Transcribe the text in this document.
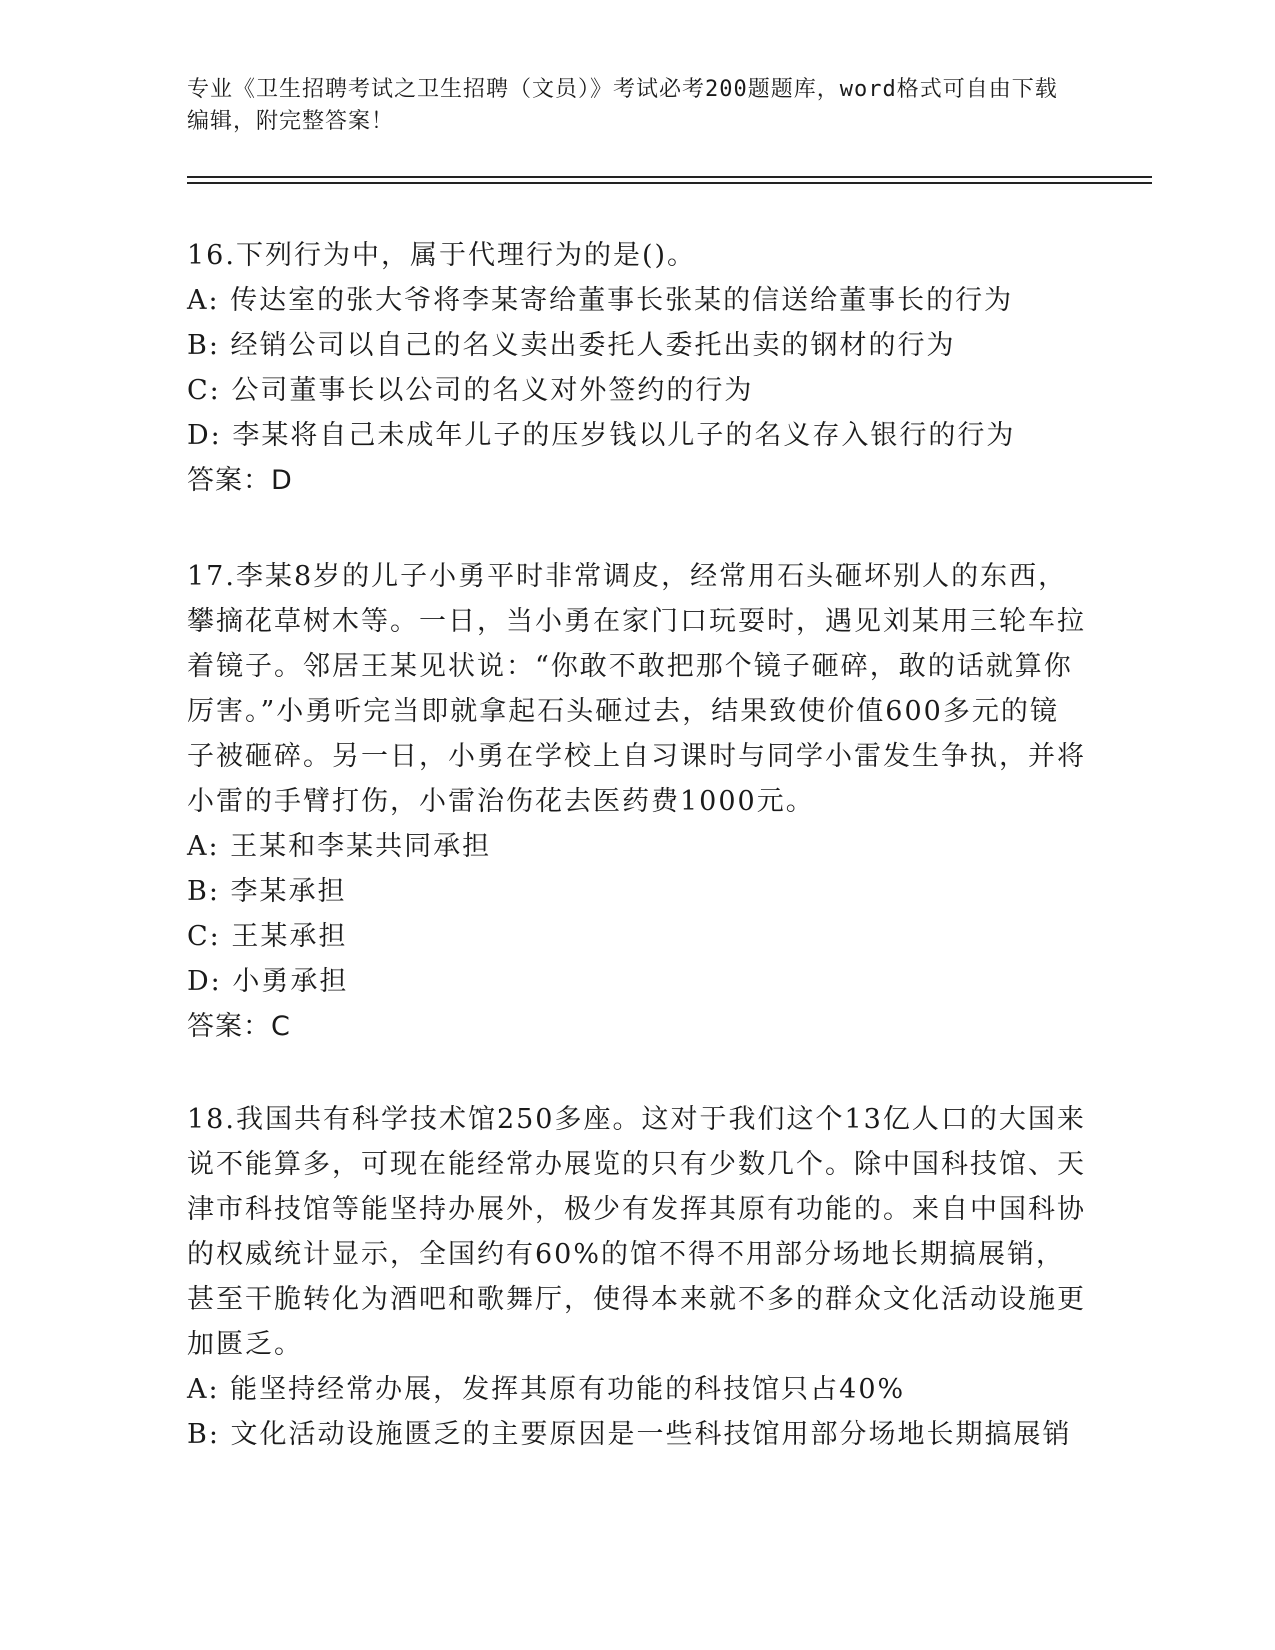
专业《卫生招聘考试之卫生招聘（文员）》考试必考200题题库，word格式可自由下载编辑，附完整答案！

16.下列行为中，属于代理行为的是()。

A: 传达室的张大爷将李某寄给董事长张某的信送给董事长的行为

B: 经销公司以自己的名义卖出委托人委托出卖的钢材的行为

C: 公司董事长以公司的名义对外签约的行为

D: 李某将自己未成年儿子的压岁钱以儿子的名义存入银行的行为

答案：D

17.李某8岁的儿子小勇平时非常调皮，经常用石头砸坏别人的东西，攀摘花草树木等。一日，当小勇在家门口玩耍时，遇见刘某用三轮车拉着镜子。邻居王某见状说：“你敢不敢把那个镜子砸碎，敢的话就算你厉害。”小勇听完当即就拿起石头砸过去，结果致使价值600多元的镜子被砸碎。另一日，小勇在学校上自习课时与同学小雷发生争执，并将小雷的手臂打伤，小雷治伤花去医药费1000元。

A: 王某和李某共同承担

B: 李某承担

C: 王某承担

D: 小勇承担

答案：C

18.我国共有科学技术馆250多座。这对于我们这个13亿人口的大国来说不能算多，可现在能经常办展览的只有少数几个。除中国科技馆、天津市科技馆等能坚持办展外，极少有发挥其原有功能的。来自中国科协的权威统计显示，全国约有60%的馆不得不用部分场地长期搞展销，甚至干脆转化为酒吧和歌舞厅，使得本来就不多的群众文化活动设施更加匮乏。

A: 能坚持经常办展，发挥其原有功能的科技馆只占40%

B: 文化活动设施匮乏的主要原因是一些科技馆用部分场地长期搞展销
